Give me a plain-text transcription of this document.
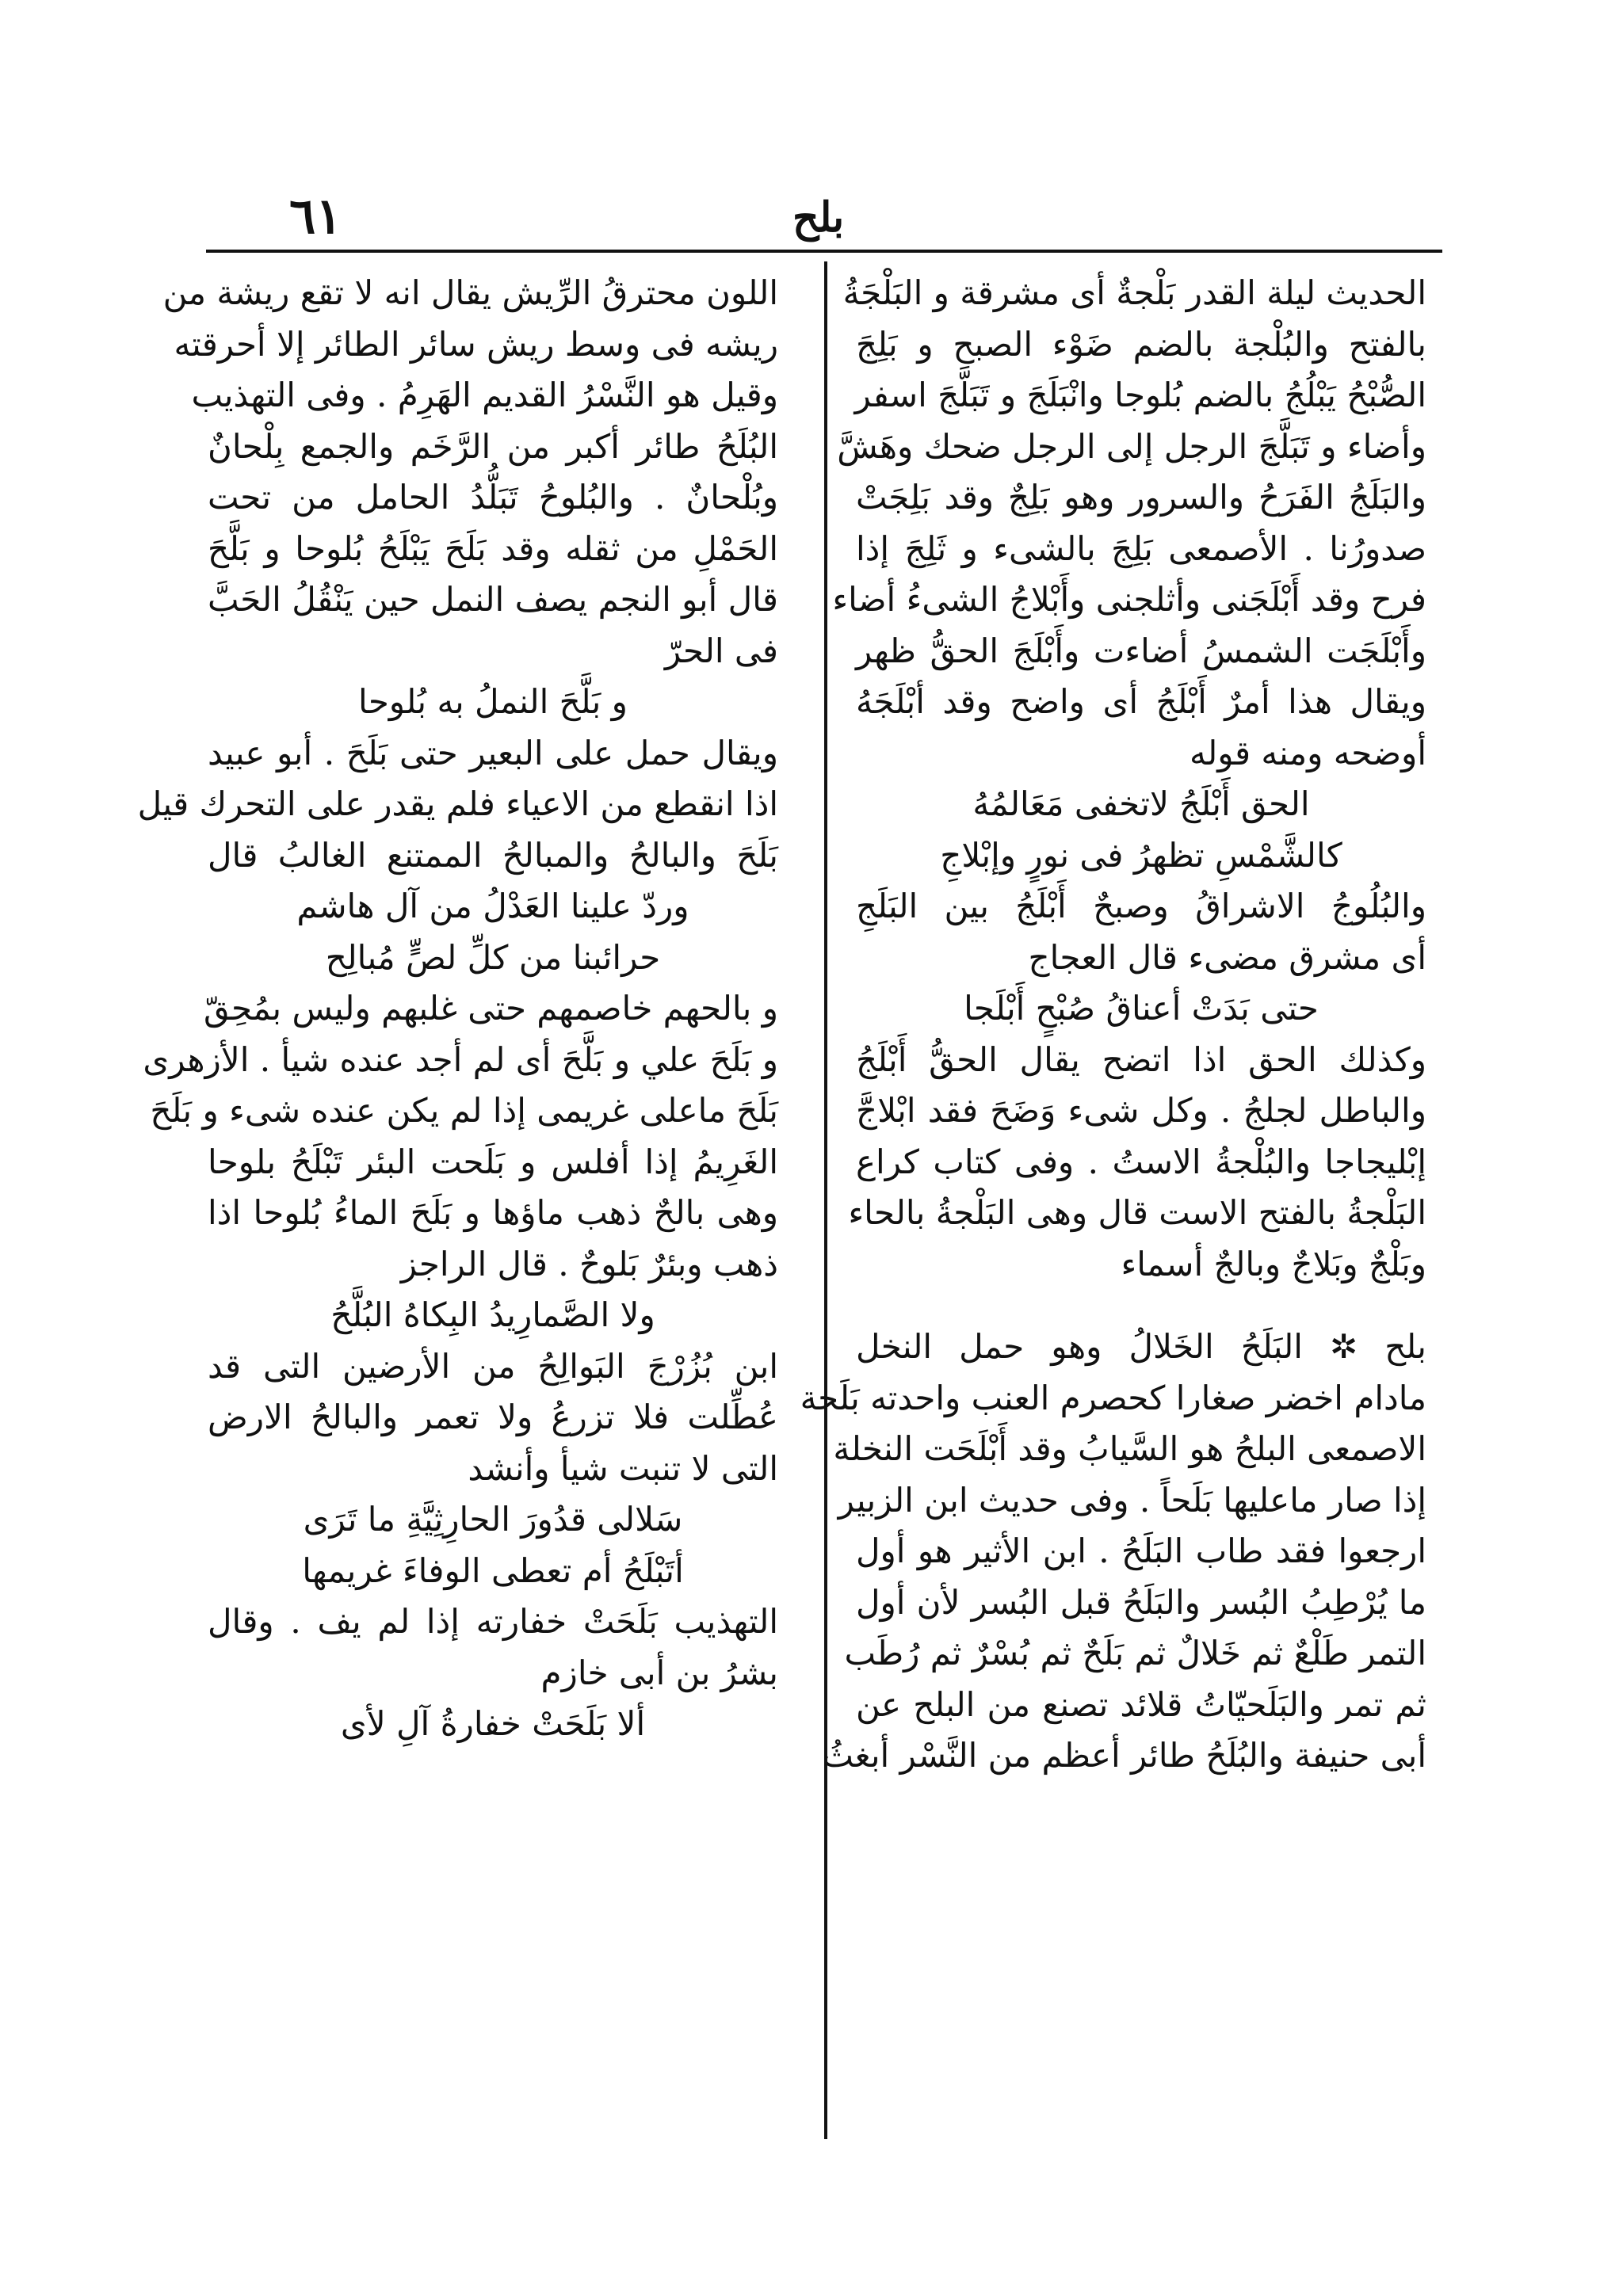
٦١	بلح
الحديث ليلة القدر بَلْجةٌ أى مشرقة و البَلْجَةُ
بالفتح والبُلْجة بالضم ضَوْء الصبح و بَلِجَ
الصُّبْحُ يَبْلُجُ بالضم بُلوجا وانْبَلَجَ و تَبَلَّجَ اسفر
وأضاء و تَبَلَّجَ الرجل إلى الرجل ضحك وهَشَّ
والبَلَجُ الفَرَحُ والسرور وهو بَلِجٌ وقد بَلِجَتْ
صدورُنا . الأصمعى بَلِجَ بالشىء و ثَلِجَ إذا
فرح وقد أَبْلَجَنى وأثلجنى وأَبْلاجُ الشىءُ أضاء
وأَبْلَجَت الشمسُ أضاءت وأَبْلَجَ الحقُّ ظهر
ويقال هذا أمرٌ أَبْلَجُ أى واضح وقد أبْلَجَهُ
أوضحه ومنه قوله
الحق أَبْلَجُ لاتخفى مَعَالمُهُ
كالشَّمْسِ تظهرُ فى نورٍ وإبْلاجِ
والبُلُوجُ الاشراقُ وصبحٌ أَبْلَجُ بين البَلَجِ
أى مشرق مضىء قال العجاج
حتى بَدَتْ أعناقُ صُبْحٍ أَبْلَجا
وكذلك الحق اذا اتضح يقال الحقُّ أَبْلَجُ
والباطل لجلجُ . وكل شىء وَضَحَ فقد ابْلاجَّ
إبْليجاجا والبُلْجةُ الاستُ . وفى كتاب كراع
البَلْجةُ بالفتح الاست قال وهى البَلْجةُ بالحاء
وبَلْجٌ وبَلاجٌ وبالجٌ أسماء
بلح ✲ البَلَحُ الخَلالُ وهو حمل النخل
مادام اخضر صغارا كحصرم العنب واحدته بَلَحة
الاصمعى البلحُ هو السَّيابُ وقد أَبْلَحَت النخلة
إذا صار ماعليها بَلَحاً . وفى حديث ابن الزبير
ارجعوا فقد طاب البَلَحُ . ابن الأثير هو أول
ما يُرْطِبُ البُسر والبَلَحُ قبل البُسر لأن أول
التمر طَلْعٌ ثم خَلالٌ ثم بَلَحٌ ثم بُسْرٌ ثم رُطَب
ثم تمر والبَلَحيّاتُ قلائد تصنع من البلح عن
أبى حنيفة والبُلَحُ طائر أعظم من النَّسْر أبغثُ
اللون محترقُ الرِّيش يقال انه لا تقع ريشة من
ريشه فى وسط ريش سائر الطائر إلا أحرقته
وقيل هو النَّسْرُ القديم الهَرِمُ . وفى التهذيب
البُلَحُ طائر أكبر من الرَّخَم والجمع بِلْحانٌ
وبُلْحانٌ . والبُلوحُ تَبَلُّدُ الحامل من تحت
الحَمْلِ من ثقله وقد بَلَحَ يَبْلَحُ بُلوحا و بَلَّحَ
قال أبو النجم يصف النمل حين يَنْقُلُ الحَبَّ
فى الحرّ
و بَلَّحَ النملُ به بُلوحا
ويقال حمل على البعير حتى بَلَحَ . أبو عبيد
اذا انقطع من الاعياء فلم يقدر على التحرك قيل
بَلَحَ والبالحُ والمبالحُ الممتنع الغالبُ قال
وردّ علينا العَدْلُ من آل هاشم
حرائبنا من كلِّ لصٍّ مُبالِح
و بالحهم خاصمهم حتى غلبهم وليس بمُحِقّ
و بَلَحَ علي و بَلَّحَ أى لم أجد عنده شيأ . الأزهرى
بَلَحَ ماعلى غريمى إذا لم يكن عنده شىء و بَلَحَ
الغَرِيمُ إذا أفلس و بَلَحت البئر تَبْلَحُ بلوحا
وهى بالحٌ ذهب ماؤها و بَلَحَ الماءُ بُلوحا اذا
ذهب وبئرٌ بَلوحٌ . قال الراجز
ولا الصَّمارِيدُ البِكاهُ البُلَّحُ
ابن بُزُرْجَ البَوالِحُ من الأرضين التى قد
عُطِّلت فلا تزرعُ ولا تعمر والبالحُ الارض
التى لا تنبت شيأ وأنشد
سَلالى قدُورَ الحارِثِيَّةِ ما تَرَى
أتَبْلَحُ أم تعطى الوفاءَ غريمها
التهذيب بَلَحَتْ خفارته إذا لم يف . وقال
بشرُ بن أبى خازم
ألا بَلَحَتْ خفارةُ آلِ لأى
